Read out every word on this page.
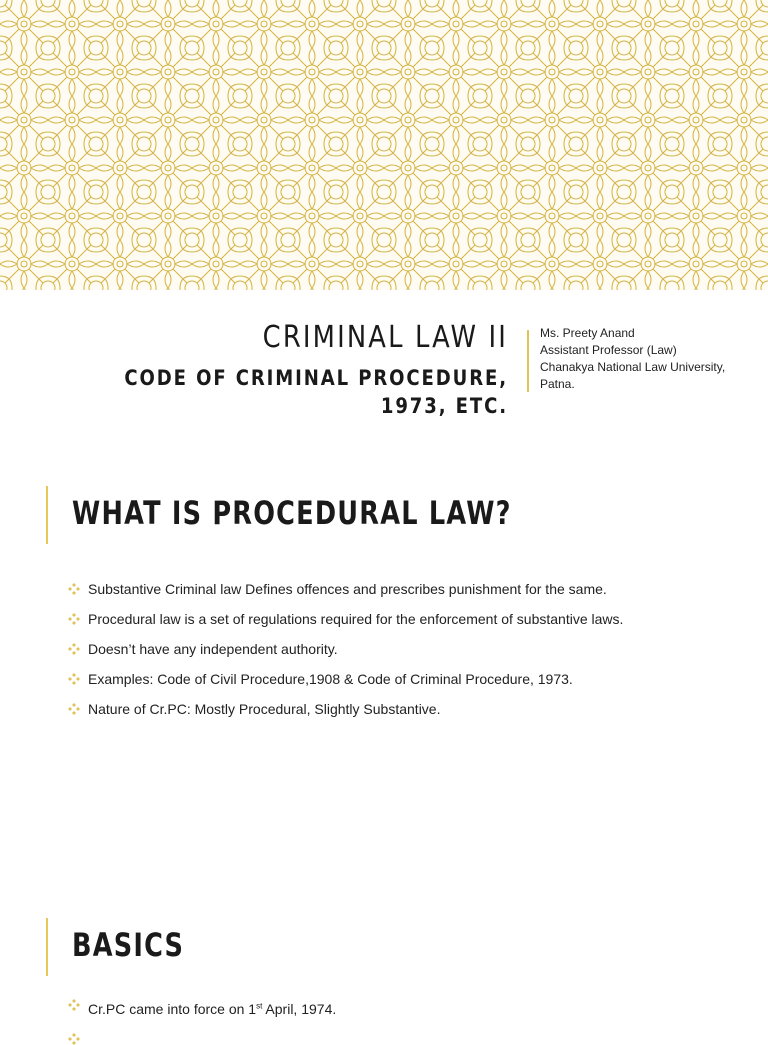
CRIMINAL LAW II
CODE OF CRIMINAL PROCEDURE, 1973, ETC.
Ms. Preety Anand
Assistant Professor (Law)
Chanakya National Law University,
Patna.
WHAT IS PROCEDURAL LAW?
Substantive Criminal law Defines offences and prescribes punishment for the same.
Procedural law is a set of regulations required for the enforcement of substantive laws.
Doesn’t have any independent authority.
Examples: Code of Civil Procedure,1908 & Code of Criminal Procedure, 1973.
Nature of Cr.PC: Mostly Procedural, Slightly Substantive.
BASICS
Cr.PC came into force on 1st April, 1974.
